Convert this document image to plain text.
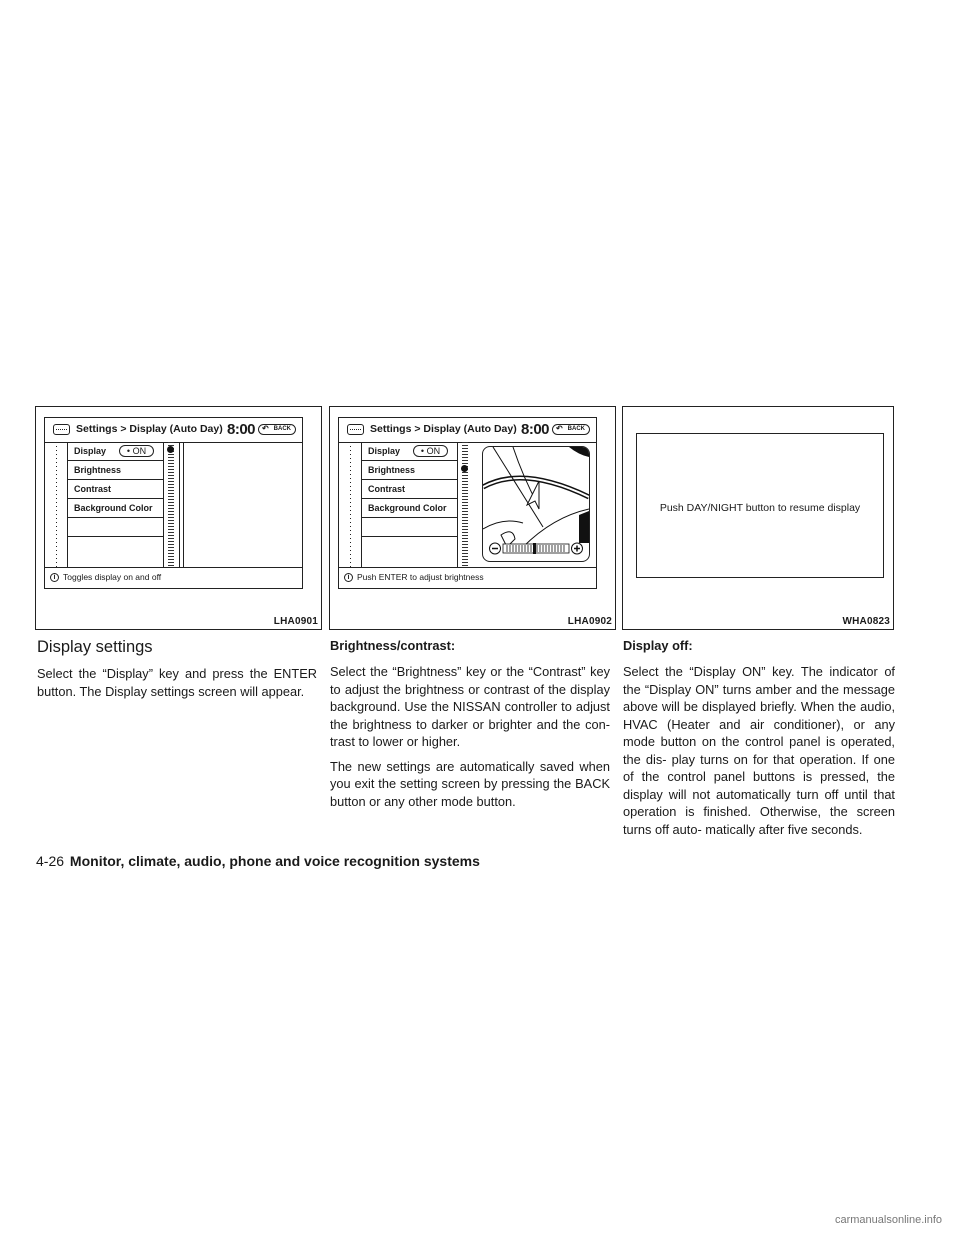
Settings > Display (Auto Day) 8:00 ↶ BACK
Display	• ON
Brightness
Contrast
Background Color
i Toggles display on and off
LHA0901
Settings > Display (Auto Day) 8:00 ↶ BACK
Display	• ON
Brightness
Contrast
Background Color
i Push ENTER to adjust brightness
LHA0902
Push DAY/NIGHT button to resume display
WHA0823
Display settings

Select the “Display” key and press the ENTER button. The Display settings screen will appear.

Brightness/contrast:

Select the “Brightness” key or the “Contrast” key to adjust the brightness or contrast of the display background. Use the NISSAN controller to adjust the brightness to darker or brighter and the con- trast to lower or higher.

The new settings are automatically saved when you exit the setting screen by pressing the BACK button or any other mode button.

Display off:

Select the “Display ON” key. The indicator of the “Display ON” turns amber and the message above will be displayed briefly. When the audio, HVAC (Heater and air conditioner), or any mode button on the control panel is operated, the dis- play turns on for that operation. If one of the control panel buttons is pressed, the display will not automatically turn off until that operation is finished. Otherwise, the screen turns off auto- matically after five seconds.

4-26 Monitor, climate, audio, phone and voice recognition systems
carmanualsonline.info
